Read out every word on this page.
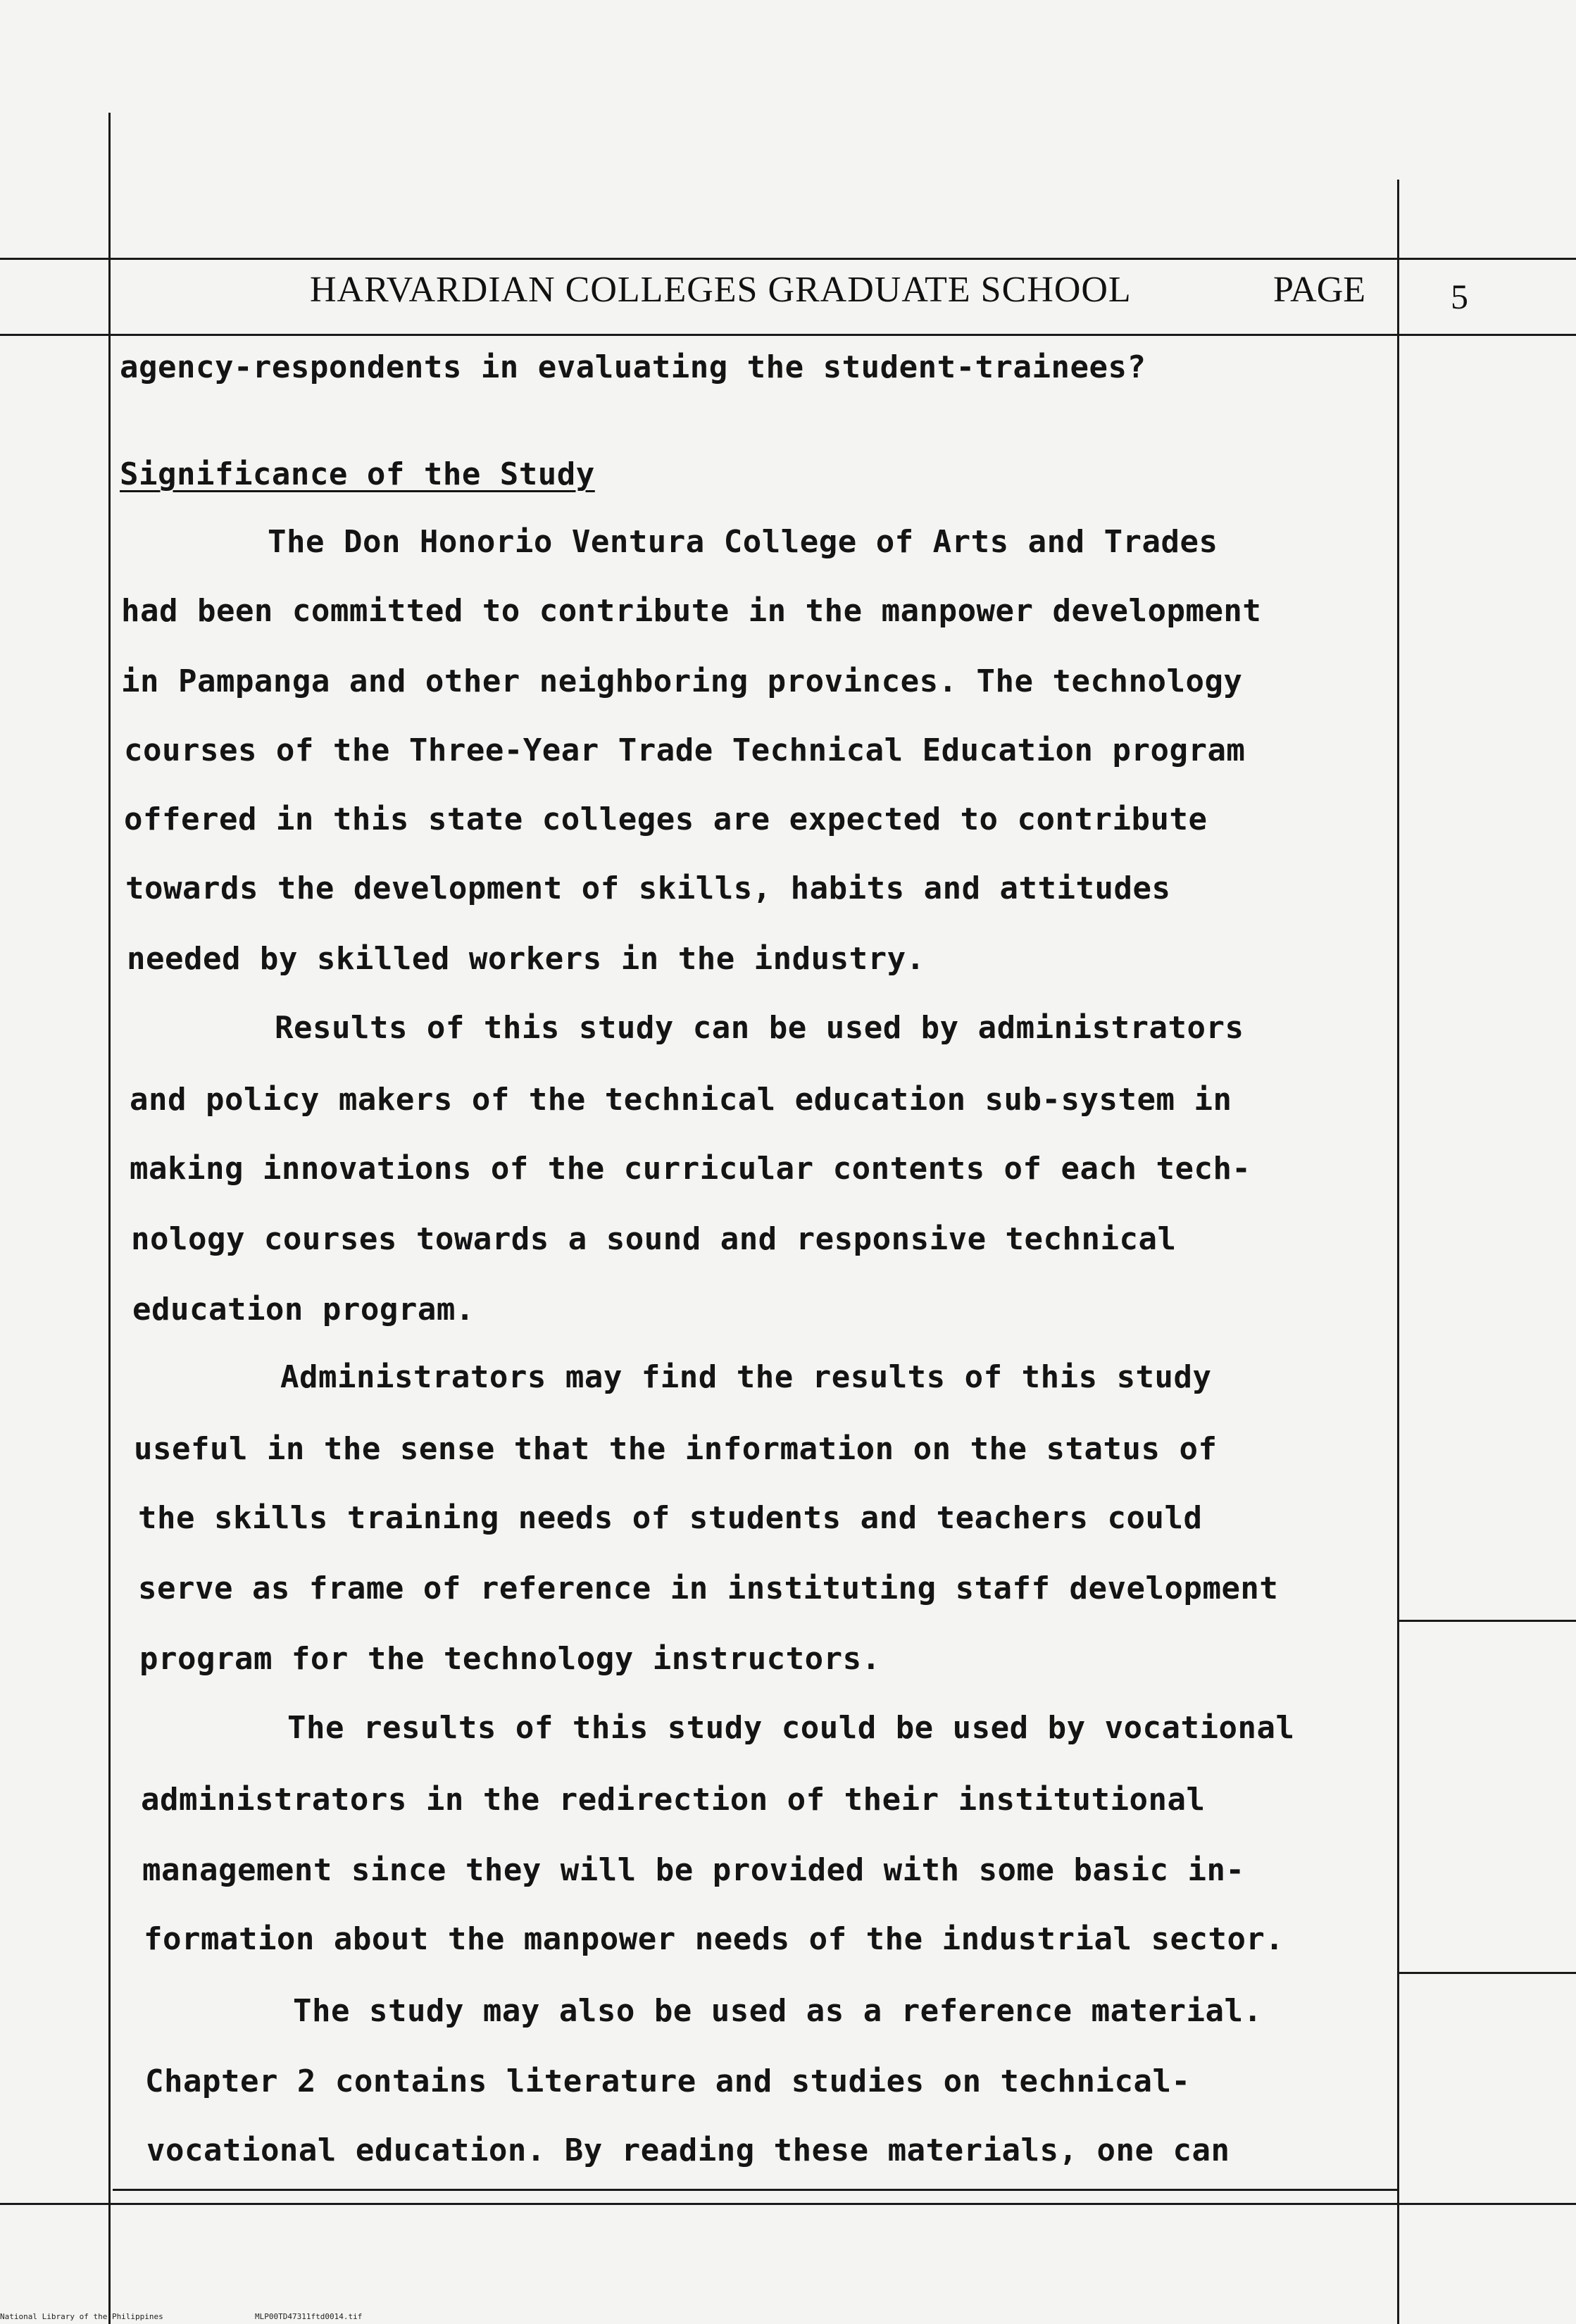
HARVARDIAN COLLEGES GRADUATE SCHOOL	PAGE 5
agency-respondents in evaluating the student-trainees?
Significance of the Study
The Don Honorio Ventura College of Arts and Trades
had been committed to contribute in the manpower development
in Pampanga and other neighboring provinces. The technology
courses of the Three-Year Trade Technical Education program
offered in this state colleges are expected to contribute
towards the development of skills, habits and attitudes
needed by skilled workers in the industry.
Results of this study can be used by administrators
and policy makers of the technical education sub-system in
making innovations of the curricular contents of each tech-
nology courses towards a sound and responsive technical
education program.
Administrators may find the results of this study
useful in the sense that the information on the status of
the skills training needs of students and teachers could
serve as frame of reference in instituting staff development
program for the technology instructors.
The results of this study could be used by vocational
administrators in the redirection of their institutional
management since they will be provided with some basic in-
formation about the manpower needs of the industrial sector.
The study may also be used as a reference material.
Chapter 2 contains literature and studies on technical-
vocational education. By reading these materials, one can
National Library of the Philippines	MLP00TD47311ftd0014.tif
